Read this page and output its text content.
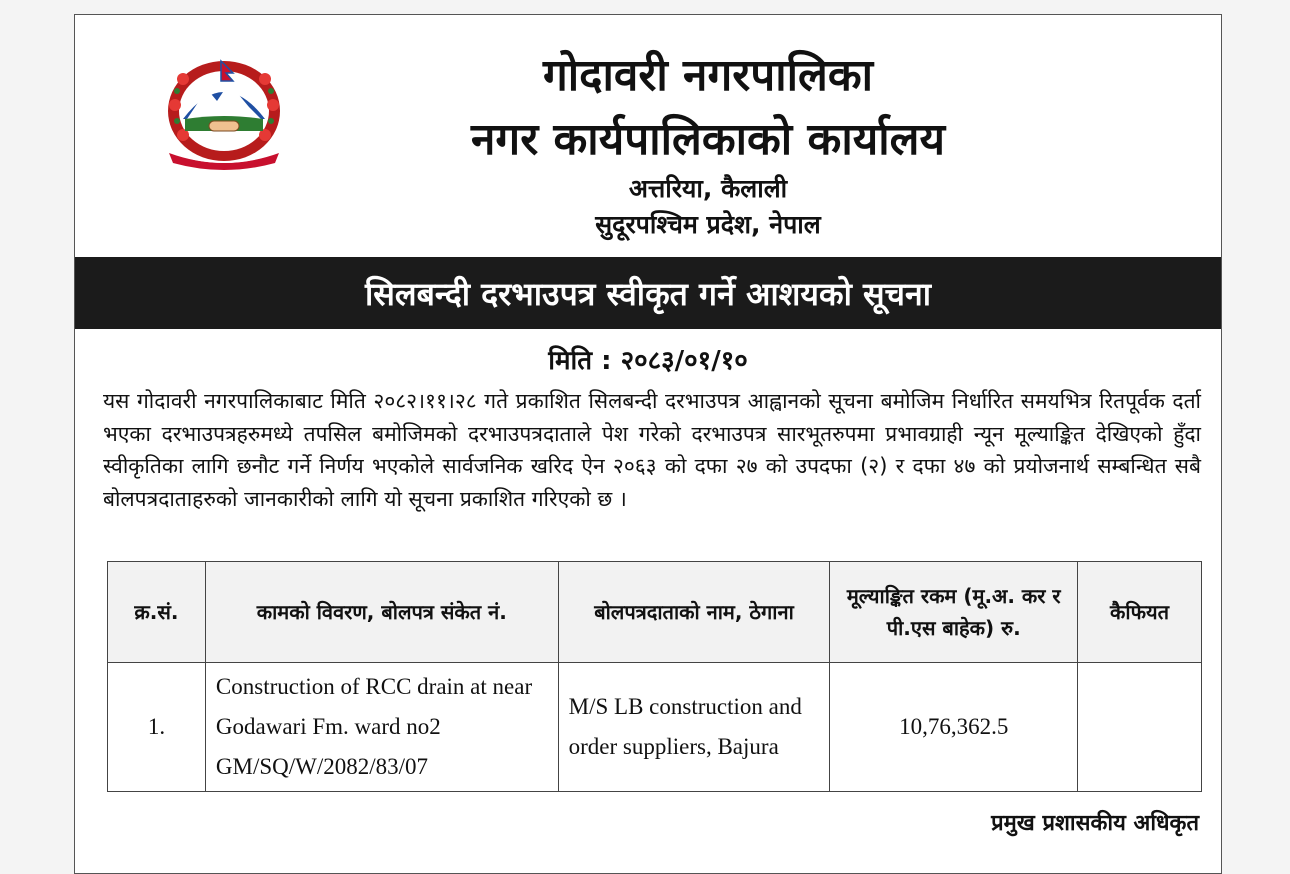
गोदावरी नगरपालिका
नगर कार्यपालिकाको कार्यालय
अत्तरिया, कैलाली
सुदूरपश्चिम प्रदेश, नेपाल
सिलबन्दी दरभाउपत्र स्वीकृत गर्ने आशयको सूचना
मिति : २०८३/०१/१०
यस गोदावरी नगरपालिकाबाट मिति २०८२।११।२८ गते प्रकाशित सिलबन्दी दरभाउपत्र आह्वानको सूचना बमोजिम निर्धारित समयभित्र रितपूर्वक दर्ता भएका दरभाउपत्रहरुमध्ये तपसिल बमोजिमको दरभाउपत्रदाताले पेश गरेको दरभाउपत्र सारभूतरुपमा प्रभावग्राही न्यून मूल्याङ्कित देखिएको हुँदा स्वीकृतिका लागि छनौट गर्ने निर्णय भएकोले सार्वजनिक खरिद ऐन २०६३ को दफा २७ को उपदफा (२) र दफा ४७ को प्रयोजनार्थ सम्बन्धित सबै बोलपत्रदाताहरुको जानकारीको लागि यो सूचना प्रकाशित गरिएको छ ।
क्र.सं.	कामको विवरण, बोलपत्र संकेत नं.	बोलपत्रदाताको नाम, ठेगाना	मूल्याङ्कित रकम (मू.अ. कर र पी.एस बाहेक) रु.	कैफियत
1.	Construction of RCC drain at near Godawari Fm. ward no2 GM/SQ/W/2082/83/07	M/S LB construction and order suppliers, Bajura	10,76,362.5	
प्रमुख प्रशासकीय अधिकृत
